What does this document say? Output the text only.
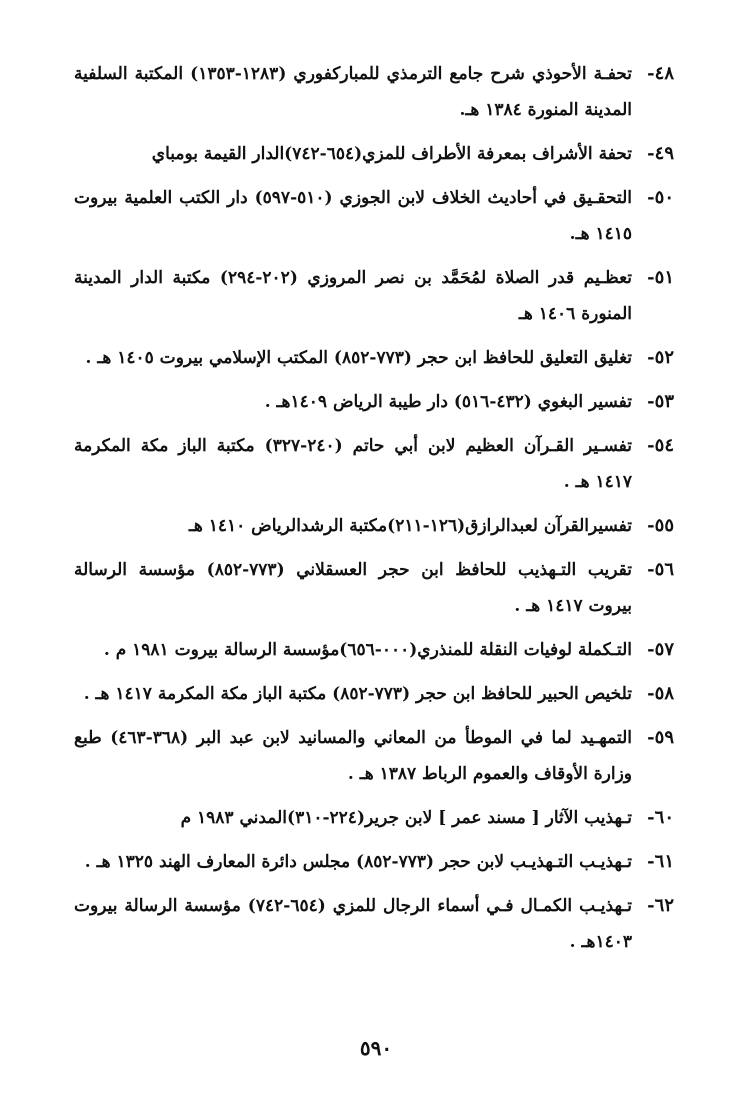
٤٨-
تحفـة الأحوذي شرح جامع الترمذي للمباركفوري (١٢٨٣-١٣٥٣) المكتبة السلفية المدينة المنورة ١٣٨٤ هـ.
٤٩-
تحفة الأشراف بمعرفة الأطراف للمزي(٦٥٤-٧٤٢)الدار القيمة بومباي
٥٠-
التحقـيق في أحاديث الخلاف لابن الجوزي (٥١٠-٥٩٧) دار الكتب العلمية بيروت ١٤١٥ هـ.
٥١-
تعظـيم قدر الصلاة لمُحَمَّد بن نصر المروزي (٢٠٢-٢٩٤) مكتبة الدار المدينة المنورة ١٤٠٦ هـ
٥٢-
تغليق التعليق للحافظ ابن حجر (٧٧٣-٨٥٢) المكتب الإسلامي بيروت ١٤٠٥ هـ .
٥٣-
تفسير البغوي (٤٣٢-٥١٦) دار طيبة الرياض ١٤٠٩هـ .
٥٤-
تفسـير القـرآن العظيم لابن أبي حاتم (٢٤٠-٣٢٧) مكتبة الباز مكة المكرمة ١٤١٧ هـ .
٥٥-
تفسيرالقرآن لعبدالرازق(١٢٦-٢١١)مكتبة الرشدالرياض ١٤١٠ هـ
٥٦-
تقريب التـهذيب للحافظ ابن حجر العسقلاني (٧٧٣-٨٥٢) مؤسسة الرسالة بيروت ١٤١٧ هـ .
٥٧-
التـكملة لوفيات النقلة للمنذري(٠٠٠-٦٥٦)مؤسسة الرسالة بيروت ١٩٨١ م .
٥٨-
تلخيص الحبير للحافظ ابن حجر (٧٧٣-٨٥٢) مكتبة الباز مكة المكرمة ١٤١٧ هـ .
٥٩-
التمهـيد لما في الموطأ من المعاني والمسانيد لابن عبد البر (٣٦٨-٤٦٣) طبع وزارة الأوقاف والعموم الرباط ١٣٨٧ هـ .
٦٠-
تـهذيب الآثار [ مسند عمر ] لابن جرير(٢٢٤-٣١٠)المدني ١٩٨٣ م
٦١-
تـهذيـب التـهذيـب لابن حجر (٧٧٣-٨٥٢) مجلس دائرة المعارف الهند ١٣٢٥ هـ .
٦٢-
تـهذيـب الكمـال فـي أسماء الرجال للمزي (٦٥٤-٧٤٢) مؤسسة الرسالة بيروت ١٤٠٣هـ .
٥٩٠
